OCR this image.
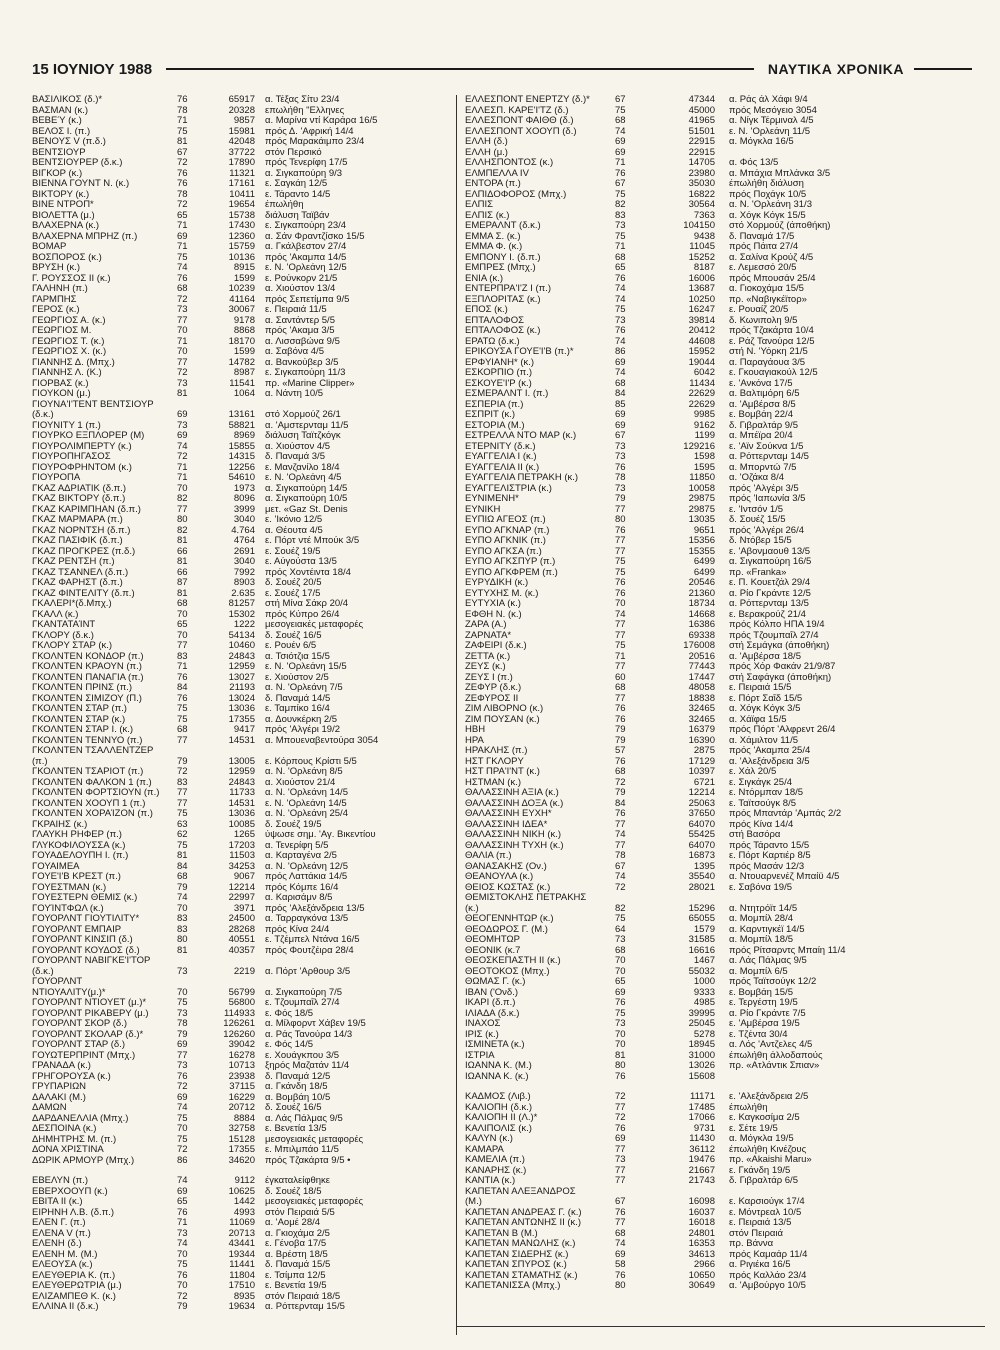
15 ΙΟΥΝΙΟΥ 1988	ΝΑΥΤΙΚΑ ΧΡΟΝΙΚΑ
ΒΑΣΙΛΙΚΟΣ (δ.)*	76	65917	α. Τέξας Σίτυ 23/4
ΒΑΣΜΑΝ (κ.)	78	20328	επωλήθη "Ελληνες
ΒΕΒΕΎ (κ.)	71	9857	α. Μαρίνα ντί Καράρα 16/5
ΒΕΛΟΣ I. (π.)	75	15981	πρός Δ. 'Αφρική 14/4
ΒΕΝΟΥΣ V (π.δ.)	81	42048	πρός Μαρακάιμπο 23/4
ΒΕΝΤΣΙΟΥΡ	67	37722	στόν Περσικό
ΒΕΝΤΣΙΟΥΡΕΡ (δ.κ.)	72	17890	πρός Τενερίφη 17/5
ΒΙΓΚΟΡ (κ.)	76	11321	α. Σιγκαπούρη 9/3
ΒΙΕΝΝΑ ΓΟΥΝΤ Ν. (κ.)	76	17161	ε. Σαγκάη 12/5
ΒΙΚΤΟΡΥ (κ.)	78	10411	ε. Τάραντο 14/5
ΒΙΝΕ ΝΤΡΟΠ*	72	19654	έπωλήθη
ΒΙΟΛΕΤΤΑ (μ.)	65	15738	διάλυση Ταϊβάν
ΒΛΑΧΕΡΝΑ (κ.)	71	17430	ε. Σιγκαπούρη 23/4
ΒΛΑΧΕΡΝΑ ΜΠΡΗΖ (π.)	69	12360	α. Σάν Φραντζίσκο 15/5
ΒΟΜΑΡ	71	15759	α. Γκάλβεστον 27/4
ΒΟΣΠΟΡΟΣ (κ.)	75	10136	πρός 'Ακαμπα 14/5
ΒΡΥΣΗ (κ.)	74	8915	ε. Ν. 'Ορλεάνη 12/5
Γ. ΡΟΥΣΣΟΣ II (κ.)	76	1599	ε. Ρούνκορν 21/5
ΓΑΛΗΝΗ (π.)	68	10239	α. Χιούστον 13/4
ΓΑΡΜΠΗΣ	72	41164	πρός Σεπετίμπα 9/5
ΓΕΡΟΣ (κ.)	73	30067	ε. Πειραιά 11/5
ΓΕΩΡΓΙΟΣ Α. (κ.)	77	9178	α. Σαντάντερ 5/5
ΓΕΩΡΓΙΟΣ Μ.	70	8868	πρός 'Ακαμα 3/5
ΓΕΩΡΓΙΟΣ Τ. (κ.)	71	18170	α. Λισσαβώνα 9/5
ΓΕΩΡΓΙΟΣ Χ. (κ.)	70	1599	α. Σαβόνα 4/5
ΓΙΑΝΝΗΣ Δ. (Μπχ.)	77	14782	α. Βανκούβερ 3/5
ΓΙΑΝΝΗΣ Λ. (Κ.)	72	8987	ε. Σιγκαπούρη 11/3
ΓΙΟΡΒΑΣ (κ.)	73	11541	πρ. «Marine Clipper»
ΓΙΟΥΚΟΝ (μ.)	81	1064	α. Νάντη 10/5
ΓΙΟΥΝΑ'Ι'ΤΕΝΤ ΒΕΝΤΣΙΟΥΡ
(δ.κ.)	69	13161	στό Χορμούζ 26/1
ΓΙΟΥΝΙΤΥ 1 (π.)	73	58821	α. 'Αμστερνταμ 11/5
ΓΙΟΥΡΚΟ ΕΞΠΛΟΡΕΡ (Μ)	69	8969	διάλυση Ταϊτζκόγκ
ΓΙΟΥΡΟΛΙΜΠΕΡΤΥ (κ.)	74	15855	α. Χιούστον 4/5
ΓΙΟΥΡΟΠΗΓΑΣΟΣ	72	14315	δ. Παναμά 3/5
ΓΙΟΥΡΟΦΡΗΝΤΟΜ (κ.)	71	12256	ε. Μανζανίλο 18/4
ΓΙΟΥΡΟΠΑ	71	54610	ε. Ν. 'Ορλεάνη 4/5
ΓΚΑΖ ΑΔΡΙΑΤΙΚ (δ.π.)	70	1973	α. Σιγκαπούρη 14/5
ΓΚΑΖ ΒΙΚΤΟΡΥ (δ.π.)	82	8096	α. Σιγκαπούρη 10/5
ΓΚΑΖ ΚΑΡΙΜΠΗΑΝ (δ.π.)	77	3999	μετ. «Gaz St. Denis
ΓΚΑΖ ΜΑΡΜΑΡΑ (π.)	80	3040	ε. 'Ικόνιο 12/5
ΓΚΑΖ ΝΟΡΝΤΣΗ (δ.π.)	82	4.764	α. Θέουτα 4/5
ΓΚΑΖ ΠΑΣΙΦΙΚ (δ.π.)	81	4764	ε. Πόρτ ντέ Μπούκ 3/5
ΓΚΑΖ ΠΡΟΓΚΡΕΣ (π.δ.)	66	2691	ε. Σουέζ 19/5
ΓΚΑΖ ΡΕΝΤΣΗ (π.)	81	3040	ε. Αύγούστα 13/5
ΓΚΑΖ ΤΣΑΝΝΕΛ (δ.π.)	66	7992	πρός Χοντέιντα 18/4
ΓΚΑΖ ΦΑΡΗΣΤ (δ.π.)	87	8903	δ. Σουέζ 20/5
ΓΚΑΖ ΦΙΝΤΕΛΙΤΥ (δ.π.)	81	2.635	ε. Σουέζ 17/5
ΓΚΑΛΕΡΙ*(δ.Μπχ.)	68	81257	στή Μίνα Σάκρ 20/4
ΓΚΑΛΛ (κ.)	70	15302	πρός Κύπρο 26/4
ΓΚΑΝΤΑΤΑΊΝΤ	65	1222	μεσογειακές μεταφορές
ΓΚΛΟΡΥ (δ.κ.)	70	54134	δ. Σουέζ 16/5
ΓΚΛΟΡΥ ΣΤΑΡ (κ.)	77	10460	ε. Ρουέν 6/5
ΓΚΟΛΝΤΕΝ ΚΟΝΔΟΡ (π.)	83	24843	α. Τσιότζια 15/5
ΓΚΟΛΝΤΕΝ ΚΡΑΟΥΝ (π.)	71	12959	ε. Ν. 'Ορλεάνη 15/5
ΓΚΟΛΝΤΕΝ ΠΑΝΑΓΙΑ (π.)	76	13027	ε. Χιούστον 2/5
ΓΚΟΛΝΤΕΝ ΠΡΙΝΣ (π.)	84	21193	α. Ν. 'Ορλεάνη 7/5
ΓΚΟΛΝΤΕΝ ΣΙΜΙΖΟΥ (Π.)	76	13024	δ. Παναμά 14/5
ΓΚΟΛΝΤΕΝ ΣΤΑΡ (π.)	75	13036	ε. Ταμπίκο 16/4
ΓΚΟΛΝΤΕΝ ΣΤΑΡ (κ.)	75	17355	α. Δουνκέρκη 2/5
ΓΚΟΛΝΤΕΝ ΣΤΑΡ Ι. (κ.)	68	9417	πρός 'Αλγέρι 19/2
ΓΚΟΛΝΤΕΝ ΤΕΝΝΥΟ (π.)	77	14531	α. Μπουεναβεντούρα 3054
ΓΚΟΛΝΤΕΝ ΤΣΑΛΛΕΝΤΖΕΡ
(π.)	79	13005	ε. Κόρπους Κρίστι 5/5
ΓΚΟΛΝΤΕΝ ΤΣΑΡΙΟΤ (π.)	72	12959	α. Ν. 'Ορλεάνη 8/5
ΓΚΟΛΝΤΕΝ ΦΑΛΚΟΝ 1 (π.)	83	24843	α. Χιούστον 21/4
ΓΚΟΛΝΤΕΝ ΦΟΡΤΣΙΟΥΝ (π.)	77	11733	α. Ν. 'Ορλεάνη 14/5
ΓΚΟΛΝΤΕΝ ΧΟΟΥΠ 1 (π.)	77	14531	ε. Ν. 'Ορλεάνη 14/5
ΓΚΟΛΝΤΕΝ ΧΟΡΑΊΖΟΝ (π.)	75	13036	α. Ν. 'Ορλεάνη 25/4
ΓΚΡΑΙΗΣ (κ.)	63	10085	δ. Σουέζ 19/5
ΓΛΑΥΚΗ ΡΗΦΕΡ (π.)	62	1265	ύψωσε σημ. 'Αγ. Βικεντίου
ΓΛΥΚΟΦΙΛΟΥΣΣΑ (κ.)	75	17203	α. Τενερίφη 5/5
ΓΟΥΑΔΕΛΟΥΠΗ I. (π.)	81	11503	α. Καρταγένα 2/5
ΓΟΥΑΙΜΕΑ	84	34253	α. Ν. 'Ορλεάνη 12/5
ΓΟΥΕ'Ι'Β ΚΡΕΣΤ (π.)	68	9067	πρός Λαττάκια 14/5
ΓΟΥΕΣΤΜΑΝ (κ.)	79	12214	πρός Κόμπε 16/4
ΓΟΥΕΣΤΕΡΝ ΘΕΜΙΣ (κ.)	74	22997	α. Καρισάμν 8/5
ΓΟΥΊΝΤΦΩΛ (κ.)	70	3971	πρός 'Αλεξάνδρεια 13/5
ΓΟΥΟΡΛΝΤ ΓΙΟΥΤΙΛΙΤΥ*	83	24500	α. Ταρραγκόνα 13/5
ΓΟΥΟΡΛΝΤ ΕΜΠΑΙΡ	83	28268	πρός Κίνα 24/4
ΓΟΥΟΡΛΝΤ ΚΙΝΣΙΠ (δ.)	80	40551	ε. Τζέμπελ Ντάνα 16/5
ΓΟΥΟΡΛΝΤ ΚΟΥΔΟΣ (δ.)	81	40357	πρός Φουτζέιρα 28/4
ΓΟΥΟΡΛΝΤ ΝΑΒΙΓΚΕ'Ι'ΤΟΡ
(δ.κ.)	73	2219	α. Πόρτ 'Αρθουρ 3/5
ΓΟΥΟΡΛΝΤ
ΝΤΙΟΥΑΛΙΤΥ(μ.)*	70	56799	α. Σιγκαπούρη 7/5
ΓΟΥΟΡΛΝΤ ΝΤΙΟΥΕΤ (μ.)*	75	56800	ε. Τζουμπαΐλ 27/4
ΓΟΥΟΡΛΝΤ ΡΙΚΑΒΕΡΥ (μ.)	73	114933	ε. Φός 18/5
ΓΟΥΟΡΛΝΤ ΣΚΟΡ (δ.)	78	126261	α. Μίλφορντ Χάβεν 19/5
ΓΟΥΟΡΛΝΤ ΣΚΟΛΑΡ (δ.)*	79	126260	α. Ράς Τανούρα 14/3
ΓΟΥΟΡΛΝΤ ΣΤΑΡ (δ.)	69	39042	ε. Φός 14/5
ΓΟΥΩΤΕΡΠΡΙΝΤ (Μπχ.)	77	16278	ε. Χουάγκπου 3/5
ΓΡΑΝΑΔΑ (κ.)	73	10713	ξηρός Μαζατάν 11/4
ΓΡΗΓΟΡΟΥΣΑ (κ.)	76	23938	δ. Παναμά 12/5
ΓΡΥΠΑΡΙΩΝ	72	37115	α. Γκάνδη 18/5
ΔΑΛΑΚΙ (Μ.)	69	16229	α. Βομβάη 10/5
ΔΑΜΩΝ	74	20712	δ. Σουέζ 16/5
ΔΑΡΔΑΝΕΛΛΙΑ (Μπχ.)	75	8884	α. Λάς Πάλμας 9/5
ΔΕΣΠΟΙΝΑ (κ.)	70	32758	ε. Βενετία 13/5
ΔΗΜΗΤΡΗΣ Μ. (π.)	75	15128	μεσογειακές μεταφορές
ΔΟΝΑ ΧΡΙΣΤΙΝΑ	72	17355	ε. Μπιλμπάο 11/5
ΔΩΡΙΚ ΑΡΜΟΥΡ (Μπχ.)	86	34620	πρός Τζακάρτα 9/5 •
ΕΒΕΛΥΝ (π.)	74	9112	έγκαταλείφθηκε
ΕΒΕΡΧΟΟΥΠ (κ.)	69	10625	δ. Σουέζ 18/5
ΕΒΙΤΑ II (κ.)	65	1442	μεσογειακές μεταφορές
ΕΙΡΗΝΗ Λ.Β. (δ.π.)	76	4993	στόν Πειραιά 5/5
ΕΛΕΝ Γ. (π.)	71	11069	α. 'Αομέ 28/4
ΕΛΕΝΑ V (π.)	73	20713	α. Γκιοχάμα 2/5
ΕΛΕΝΗ (δ.)	74	43441	ε. Γένοβα 17/5
ΕΛΕΝΗ Μ. (Μ.)	70	19344	α. Βρέστη 18/5
ΕΛΕΟΥΣΑ (κ.)	75	11441	δ. Παναμά 15/5
ΕΛΕΥΘΕΡΙΑ Κ. (π.)	76	11804	ε. Τσίμπα 12/5
ΕΛΕΥΘΕΡΩΤΡΙΑ (μ.)	70	17510	ε. Βενετία 19/5
ΕΛΙΖΑΜΠΕΘ Κ. (κ.)	72	8935	στόν Πειραιά 18/5
ΕΛΛΙΝΑ II (δ.κ.)	79	19634	α. Ρόττερνταμ 15/5
ΕΛΛΕΣΠΟΝΤ ΕΝΕΡΤΖΥ (δ.)*	67	47344	α. Ράς άλ Χάφι 9/4
ΕΛΛΕΣΠ. ΚΑΡΕ'Ι'ΤΖ (δ.)	75	45000	πρός Μεσόγειο 3054
ΕΛΛΕΣΠΟΝΤ ΦΑΙΘΘ (δ.)	68	41965	α. Νίγκ Τέρμιναλ 4/5
ΕΛΛΕΣΠΟΝΤ ΧΟΟΥΠ (δ.)	74	51501	ε. Ν. 'Ορλεάνη 11/5
ΕΛΛΗ (δ.)	69	22915	α. Μόγκλα 16/5
ΕΛΛΗ (μ.)	69	22915
ΕΛΛΗΣΠΟΝΤΟΣ (κ.)	71	14705	α. Φός 13/5
ΕΛΜΠΕΛΛΑ IV	76	23980	α. Μπάχια Μπλάνκα 3/5
ΕΝΤΟΡΑ (π.)	67	35030	έπωλήθη διάλυση
ΕΛΠΙΔΟΦΟΡΟΣ (Μπχ.)	75	16822	πρός Ποχάγκ 10/5
ΕΛΠΙΣ	82	30564	α. Ν. 'Ορλεάνη 31/3
ΕΛΠΙΣ (κ.)	83	7363	α. Χόγκ Κόγκ 15/5
ΕΜΕΡΑΛΝΤ (δ.κ.)	73	104150	στό Χορμούζ (άποθήκη)
ΕΜΜΑ Σ. (κ.)	75	9438	δ. Παναμά 17/5
ΕΜΜΑ Φ. (κ.)	71	11045	πρός Πάιτα 27/4
ΕΜΠΟΝΥ Ι. (δ.π.)	68	15252	α. Σαλίνα Κρούζ 4/5
ΕΜΠΡΕΣ (Μπχ.)	65	8187	ε. Λεμεσσό 20/5
ΕΝΙΑ (κ.)	76	16006	πρός Μπουσάν 25/4
ΕΝΤΕΡΠΡΑ'Ι'Ζ Ι (π.)	74	13687	α. Γιοκοχάμα 15/5
ΕΞΠΛΟΡΙΤΑΣ (κ.)	74	10250	πρ. «Ναβιγκέϊτορ»
ΕΠΟΣ (κ.)	75	16247	ε. Ρουαίζ 20/5
ΕΠΤΑΛΟΦΟΣ	73	39814	δ. Κωνιπολη 9/5
ΕΠΤΑΛΟΦΟΣ (κ.)	76	20412	πρός Τζακάρτα 10/4
ΕΡΑΤΩ (δ.κ.)	74	44608	ε. Ράζ Τανούρα 12/5
ΕΡΙΚΟΥΣΑ ΓΟΥΕ'Ι'Β (π.)*	86	15952	στή Ν. 'Υόρκη 21/5
ΕΡΦΥΙΑΝΗ* (κ.)	69	19044	α. Παραγάουα 3/5
ΕΣΚΟΡΠΙΟ (π.)	74	6042	ε. Γκουαγιακούλ 12/5
ΕΣΚΟΥΕ'Ι'Ρ (κ.)	68	11434	ε. 'Ανκόνα 17/5
ΕΣΜΕΡΑΛΝΤ Ι. (π.)	84	22629	α. Βαλτιμόρη 6/5
ΕΣΠΕΡΙΑ (π.)	85	22629	α. 'Αμβέρσα 8/5
ΕΣΠΡΙΤ (κ.)	69	9985	ε. Βομβάη 22/4
ΕΣΤΟΡΙΑ (Μ.)	69	9162	δ. Γιβραλτάρ 9/5
ΕΣΤΡΕΛΛΑ ΝΤΟ ΜΑΡ (κ.)	67	1199	α. Μπέϊρα 20/4
ΕΤΕΡΝΙΤΥ (δ.κ.)	73	129216	ε. 'Αϊν Σούκνα 1/5
ΕΥΑΓΓΕΛΙΑ Ι (κ.)	73	1598	α. Ρόττερνταμ 14/5
ΕΥΑΓΓΕΛΙΑ ΙΙ (κ.)	76	1595	α. Μπορντώ 7/5
ΕΥΑΓΓΕΛΙΑ ΠΕΤΡΑΚΗ (κ.)	78	11850	α. 'Οζάκα 8/4
ΕΥΑΓΓΕΛΙΣΤΡΙΑ (κ.)	73	10058	πρός 'Αλγέρι 3/5
ΕΥΝΙΜΕΝΗ*	79	29875	πρός 'Ιαπωνία 3/5
ΕΥΝΙΚΗ	77	29875	ε. 'Ιντσόν 1/5
ΕΥΠΙΩ ΑΓΕΟΣ (π.)	80	13035	δ. Σουέζ 15/5
ΕΥΠΟ ΑΓΚΝΑΡ (π.)	76	9651	πρός 'Αλγέρι 26/4
ΕΥΠΟ ΑΓΚΝΙΚ (π.)	77	15356	δ. Ντόβερ 15/5
ΕΥΠΟ ΑΓΚΣΑ (π.)	77	15355	ε. 'Αβονμαουθ 13/5
ΕΥΠΟ ΑΓΚΣΠΥΡ (π.)	75	6499	α. Σιγκαπούρη 16/5
ΕΥΠΟ ΑΓΚΦΡΕΜ (π.)	75	6499	πρ. «Franka»
ΕΥΡΥΔΙΚΗ (κ.)	76	20546	ε. Π. Κουετζάλ 29/4
ΕΥΤΥΧΗΣ Μ. (κ.)	76	21360	α. Ρίο Γκράντε 12/5
ΕΥΤΥΧΙΑ (κ.)	70	18734	α. Ρόττερνταμ 13/5
ΕΦΘΗ Ν. (κ.)	74	14668	ε. Βερακρούζ 21/4
ΖΑΡΑ (Α.)	77	16386	πρός Κόλπο ΗΠΑ 19/4
ΖΑΡΝΑΤΑ*	77	69338	πρός Τζουμπαΐλ 27/4
ΖΑΦΕΙΡΙ (δ.κ.)	75	176008	στή Σεμάγκα (άποθήκη)
ΖΕΤΤΑ (κ.)	71	20516	α. 'Αμβέρσα 18/5
ΖΕΥΣ (κ.)	77	77443	πρός Χόρ Φακάν 21/9/87
ΖΕΥΣ Ι (π.)	60	17447	στή Σαφάγκα (άποθήκη)
ΖΕΦΥΡ (δ.κ.)	68	48058	ε. Πειραιά 15/5
ΖΕΦΥΡΟΣ II	77	18838	ε. Πόρτ Σαΐδ 15/5
ΖΙΜ ΛΙΒΟΡΝΟ (κ.)	76	32465	α. Χόγκ Κόγκ 3/5
ΖΙΜ ΠΟΥΣΑΝ (κ.)	76	32465	α. Χάϊφα 15/5
ΗΒΗ	79	16379	πρός Πόρτ 'Αλφρεντ 26/4
ΗΡΑ	79	16390	α. Χάμιλτον 11/5
ΗΡΑΚΛΗΣ (π.)	57	2875	πρός 'Ακαμπα 25/4
ΗΣΤ ΓΚΛΟΡΥ	76	17129	α. 'Αλεξάνδρεια 3/5
ΗΣΤ ΠΡΑ'Ι'ΝΤ (κ.)	68	10397	ε. Χάλ 20/5
ΗΣΤΜΑΝ (κ.)	72	6721	ε. Σιγκάγκ 25/4
ΘΑΛΑΣΣΙΝΗ ΑΞΙΑ (κ.)	79	12214	ε. Ντόρμπαν 18/5
ΘΑΛΑΣΣΙΝΗ ΔΟΞΑ (κ.)	84	25063	ε. Ταϊτσούγκ 8/5
ΘΑΛΑΣΣΙΝΗ ΕΥΧΗ*	76	37650	πρός Μπαντάρ 'Αμπάς 2/2
ΘΑΛΑΣΣΙΝΗ ΙΔΕΑ*	77	64070	πρός Κίνα 14/4
ΘΑΛΑΣΣΙΝΗ ΝΙΚΗ (κ.)	74	55425	στή Βασόρα
ΘΑΛΑΣΣΙΝΗ ΤΥΧΗ (κ.)	77	64070	πρός Τάραντο 15/5
ΘΑΛΙΑ (π.)	78	16873	ε. Πόρτ Καρτιέρ 8/5
ΘΑΝΑΣΑΚΗΣ (Ον.)	67	1395	πρός Μασάν 12/3
ΘΕΑΝΟΥΛΑ (κ.)	74	35540	α. Ντουαρνενέζ Μπαίϋ 4/5
ΘΕΙΟΣ ΚΩΣΤΑΣ (κ.)	72	28021	ε. Σαβόνα 19/5
ΘΕΜΙΣΤΟΚΛΗΣ ΠΕΤΡΑΚΗΣ
(κ.)	82	15296	α. Ντητρόϊτ 14/5
ΘΕΟΓΕΝΝΗΤΩΡ (κ.)	75	65055	α. Μομπίλ 28/4
ΘΕΟΔΩΡΟΣ Γ. (Μ.)	64	1579	α. Καρντιγκέϊ 14/5
ΘΕΟΜΗΤΩΡ	73	31585	α. Μομπίλ 18/5
ΘΕΟΝΙΚ (κ.7	68	16616	πρός Ρίτσαρντς Μπαίη 11/4
ΘΕΟΣΚΕΠΑΣΤΗ ΙΙ (κ.)	70	1467	α. Λάς Πάλμας 9/5
ΘΕΟΤΟΚΟΣ (Μπχ.)	70	55032	α. Μομπίλ 6/5
ΘΩΜΑΣ Γ. (κ.)	65	1000	πρός Ταϊτσούγκ 12/2
ΙΒΑΝ ('Ονδ.)	69	9333	ε. Βομβάη 15/5
ΙΚΑΡΙ (δ.π.)	76	4985	ε. Τεργέστη 19/5
ΙΛΙΑΔΑ (δ.κ.)	75	39995	α. Ρίο Γκράντε 7/5
ΙΝΑΧΟΣ	73	25045	ε. 'Αμβέρσα 19/5
ΙΡΙΣ (κ.)	70	5278	ε. Τζέντα 30/4
ΙΣΜΙΝΕΤΑ (κ.)	70	18945	α. Λός 'Αντζελες 4/5
ΙΣΤΡΙΑ	81	31000	έπωλήθη άλλοδαπούς
ΙΩΑΝΝΑ Κ. (Μ.)	80	13026	πρ. «Ατλάντικ Σπιαν»
ΙΩΑΝΝΑ Κ. (κ.)	76	15608
ΚΑΔΜΟΣ (Λιβ.)	72	11171	ε. 'Αλεξάνδρεια 2/5
ΚΑΛΙΟΠΗ (δ.κ.)	77	17485	έπωλήθη
ΚΑΛΙΟΠΗ ΙΙ (Λ.)*	72	17066	ε. Καγκοσίμα 2/5
ΚΑΛΙΠΟΛΙΣ (κ.)	76	9731	ε. Σέτε 19/5
ΚΑΛΥΝ (κ.)	69	11430	α. Μόγκλα 19/5
ΚΑΜΑΡΑ	77	36112	έπωλήθη Κινέζους
ΚΑΜΕΛΙΑ (π.)	73	19476	πρ. «Akaishi Maru»
ΚΑΝΑΡΗΣ (κ.)	77	21667	ε. Γκάνδη 19/5
ΚΑΝΤΙΑ (κ.)	77	21743	δ. Γιβραλτάρ 6/5
ΚΑΠΕΤΑΝ ΑΛΕΞΑΝΔΡΟΣ
(Μ.)	67	16098	ε. Καρσιούγκ 17/4
ΚΑΠΕΤΑΝ ΑΝΔΡΕΑΣ Γ. (κ.)	76	16037	ε. Μόντρεαλ 10/5
ΚΑΠΕΤΑΝ ΑΝΤΩΝΗΣ ΙΙ (κ.)	77	16018	ε. Πειραιά 13/5
ΚΑΠΕΤΑΝ Β (Μ.)	68	24801	στόν Πειραιά
ΚΑΠΕΤΑΝ ΜΑΝΩΛΗΣ (κ.)	74	16353	πρ. Βάννα
ΚΑΠΕΤΑΝ ΣΙΔΕΡΗΣ (κ.)	69	34613	πρός Καμαάρ 11/4
ΚΑΠΕΤΑΝ ΣΠΥΡΟΣ (κ.)	58	2966	α. Ριγιέκα 16/5
ΚΑΠΕΤΑΝ ΣΤΑΜΑΤΗΣ (κ.)	76	10650	πρός Καλλάο 23/4
ΚΑΠΕΤΑΝΙΣΣΑ (Μπχ.)	80	30649	α. 'Αμβούργο 10/5
